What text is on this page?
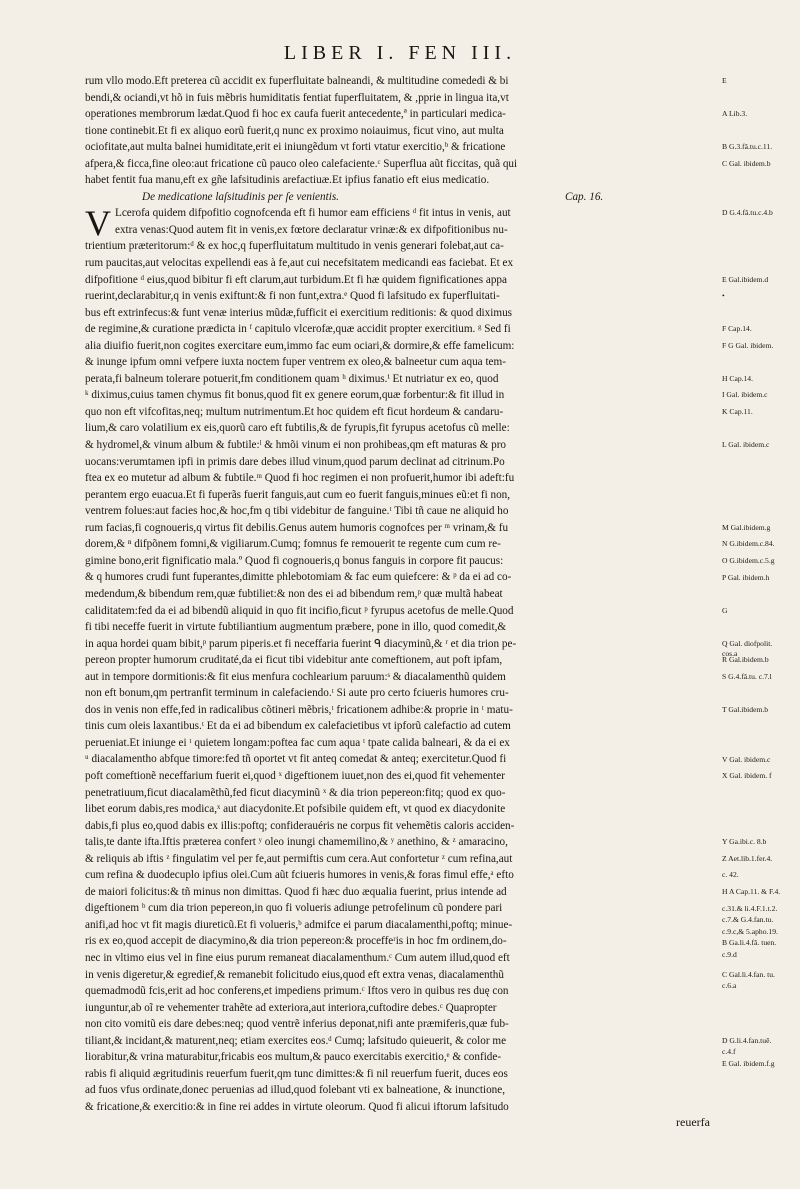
LIBER I. FEN III.
rum vllo modo.Eft preterea cũ accidit ex fuperfluitate balneandi, & multitudine comededi & bi
bendi,& ociandi,vt hõ in fuis mẽbris humiditatis fentiat fuperfluitatem, & ,pprie in lingua ita,vt
operationes membrorum lædat.Quod fi hoc ex caufa fuerit antecedente,ª in particulari medica-
tione continebit.Et fi ex aliquo eorũ fuerit,q nunc ex proximo noiauimus, ficut vino, aut multa
ociofitate,aut multa balnei humiditate,erit ei iniungẽdum vt forti vtatur exercitio,ᵇ & fricatione
afpera,& ficca,fine oleo:aut fricatione cũ pauco oleo calefaciente.ᶜ Superflua aũt ficcitas, quã qui
habet fentit fua manu,eft ex gñe lafsitudinis arefactiuæ.Et ipfius fanatio eft eius medicatio.
De medicatione laſsitudinis per ſe venientis.	Cap. 16.
V Lcerofa quidem difpofitio cognofcenda eft fi humor eam efficiens ᵈ fit intus in venis, aut
extra venas:Quod autem fit in venis,ex fœtore declaratur vrinæ:& ex difpofitionibus nu-
trientium præteritorum:ᵈ & ex hoc,q fuperfluitatum multitudo in venis generari folebat,aut ca-
rum paucitas,aut velocitas expellendi eas à fe,aut cui necefsitatem medicandi eas faciebat. Et ex
difpofitione ᵈ eius,quod bibitur fi eft clarum,aut turbidum.Et fi hæ quidem fignificationes appa
ruerint,declarabitur,q in venis exiftunt:& fi non funt,extra.ᵉ Quod fi lafsitudo ex fuperfluitati-
bus eft extrinfecus:& funt venæ interius mũdæ,fufficit ei exercitium reditionis: & quod diximus
de regimine,& curatione prædicta in ᶠ capitulo vlcerofæ,quæ accidit propter exercitium. ᵍ Sed fi
alia diuifio fuerit,non cogites exercitare eum,immo fac eum ociari,& dormire,& effe famelicum:
& inunge ipfum omni vefpere iuxta noctem fuper ventrem ex oleo,& balneetur cum aqua tem-
perata,fi balneum tolerare potuerit,fm conditionem quam ʰ diximus.ⁱ Et nutriatur ex eo, quod
ᵏ diximus,cuius tamen chymus fit bonus,quod fit ex genere eorum,quæ forbentur:& fit illud in
quo non eft vifcofitas,neq; multum nutrimentum.Et hoc quidem eft ficut hordeum & candaru-
lium,& caro volatilium ex eis,quorũ caro eft fubtilis,& de fyrupis,fit fyrupus acetofus cũ melle:
& hydromel,& vinum album & fubtile:ˡ & hmõi vinum ei non prohibeas,qm eft maturas & pro
uocans:verumtamen ipfi in primis dare debes illud vinum,quod parum declinat ad citrinum.Po
ftea ex eo mutetur ad album & fubtile.ᵐ Quod fi hoc regimen ei non profuerit,humor ibi adeft:fu
perantem ergo euacua.Et fi fuperãs fuerit fanguis,aut cum eo fuerit fanguis,minues eũ:et fi non,
ventrem folues:aut facies hoc,& hoc,fm q tibi videbitur de fanguine.ᵗ Tibi tñ caue ne aliquid ho
rum facias,fi cognoueris,q virtus fit debilis.Genus autem humoris cognofces per ᵐ vrinam,& fu
dorem,& ⁿ difpõnem fomni,& vigiliarum.Cumq; fomnus fe remouerit te regente cum cum re-
gimine bono,erit fignificatio mala.º Quod fi cognoueris,q bonus fanguis in corpore fit paucus:
& q humores crudi funt fuperantes,dimitte phlebotomiam & fac eum quiefcere: & ᵖ da ei ad co-
medendum,& bibendum rem,quæ fubtiliet:& non des ei ad bibendum rem,ᵖ quæ multã habeat
caliditatem:fed da ei ad bibendũ aliquid in quo fit incifio,ficut ᵖ fyrupus acetofus de melle.Quod
fi tibi neceffe fuerit in virtute fubtiliantium augmentum præbere, pone in illo, quod comedit,&
in aqua hordei quam bibit,ᵖ parum piperis.et fi neceffaria fuerint ᑫ diacyminũ,& ʳ et dia trion pe-
pereon propter humorum cruditaté,da ei ficut tibi videbitur ante comeftionem, aut poft ipfam,
aut in tempore dormitionis:& fit eius menfura cochlearium paruum:ˢ & diacalamenthũ quidem
non eft bonum,qm pertranfit terminum in calefaciendo.ᵗ Si aute pro certo fciueris humores cru-
dos in venis non effe,fed in radicalibus cõtineri mẽbris,ᵗ fricationem adhibe:& proprie in ᵗ matu-
tinis cum oleis laxantibus.ᵗ Et da ei ad bibendum ex calefacietibus vt ipforũ calefactio ad cutem
perueniat.Et iniunge ei ᵗ quietem longam:poftea fac cum aqua ᵗ tpate calida balneari, & da ei ex
ᵘ diacalamentho abfque timore:fed tñ oportet vt fit anteq comedat & anteq; exercitetur.Quod fi
poft comeftionẽ neceffarium fuerit ei,quod ˣ digeftionem iuuet,non des ei,quod fit vehementer
penetratiuum,ficut diacalamẽthũ,fed ficut diacyminũ ˣ & dia trion pepereon:fitq; quod ex quo-
libet eorum dabis,res modica,ˣ aut diacydonite.Et pofsibile quidem eft, vt quod ex diacydonite
dabis,fi plus eo,quod dabis ex illis:poftq; confiderauéris ne corpus fit vehemẽtis caloris acciden-
talis,te dante ifta.Iftis præterea confert ʸ oleo inungi chamemilino,& ʸ anethino, & ᶻ amaracino,
& reliquis ab iftis ᶻ fingulatim vel per fe,aut permiftis cum cera.Aut confortetur ᶻ cum refina,aut
cum refina & duodecuplo ipfius olei.Cum aũt fciueris humores in venis,& foras fimul effe,ᵃ efto
de maiori folicitus:& tñ minus non dimittas. Quod fi hæc duo æqualia fuerint, prius intende ad
digeftionem ᵇ cum dia trion pepereon,in quo fi volueris adiunge petrofelinum cũ pondere pari
anifi,ad hoc vt fit magis diureticũ.Et fi volueris,ᵇ admifce ei parum diacalamenthi,poftq; minue-
ris ex eo,quod accepit de diacymino,& dia trion pepereon:& proceffeʳis in hoc fm ordinem,do-
nec in vltimo eius vel in fine eius purum remaneat diacalamenthum.ᶜ Cum autem illud,quod eft
in venis digeretur,& egredief,& remanebit folicitudo eius,quod eft extra venas, diacalamenthũ
quemadmodũ fcis,erit ad hoc conferens,et impediens primum.ᶜ Iftos vero in quibus res duę con
iunguntur,ab oĩ re vehementer trahẽte ad exteriora,aut interiora,cuftodire debes.ᶜ Quapropter
non cito vomitũ eis dare debes:neq; quod ventrẽ inferius deponat,nifi ante præmiferis,quæ fub-
tiliant,& incidant,& maturent,neq; etiam exercites eos.ᵈ Cumq; lafsitudo quieuerit, & color me
liorabitur,& vrina maturabitur,fricabis eos multum,& pauco exercitabis exercitio,ᵉ & confide-
rabis fi aliquid ægritudinis reuerfum fuerit,qm tunc dimittes:& fi nil reuerfum fuerit, duces eos
ad fuos vfus ordinate,donec peruenias ad illud,quod folebant vti ex balneatione, & inunctione,
& fricatione,& exercitio:& in fine rei addes in virtute oleorum. Quod fi alicui iftorum lafsitudo
E
A Lib.3.
B G.3.fã.tu.c.11.
C Gal. ibidem.b
D G.4.fã.tu.c.4.b
E Gal.ibidem.d
•
F Cap.14.
F G Gal. ibidem.
H Cap.14.
I Gal. ibidem.c
K Cap.11.
L Gal. ibidem.c
M Gal.ibidem.g
N G.ibidem.c.84.
O G.ibidem.c.5.g
P Gal. ibidem.h
G
Q Gal. diofpolit.
cos.a
R Gal.ibidem.b
S G.4.fã.tu. c.7.l
T Gal.ibidem.b
V Gal. ibidem.c
X Gal. ibidem. f
Y Ga.ibi.c. 8.b
Z Aet.lib.1.fer.4.
c. 42.
H A Cap.11. & F.4.
c.31.& li.4.F.1.t.2.
c.7.& G.4.fan.tu.
c.9.c,& 5.apho.19.
B Ga.li.4.fã. tuen.
c.9.d
C Gal.li.4.fan. tu.
c.6.a
D G.li.4.fan.tuẽ.
c.4.f
E Gal. ibidem.f.g
reuerfa
